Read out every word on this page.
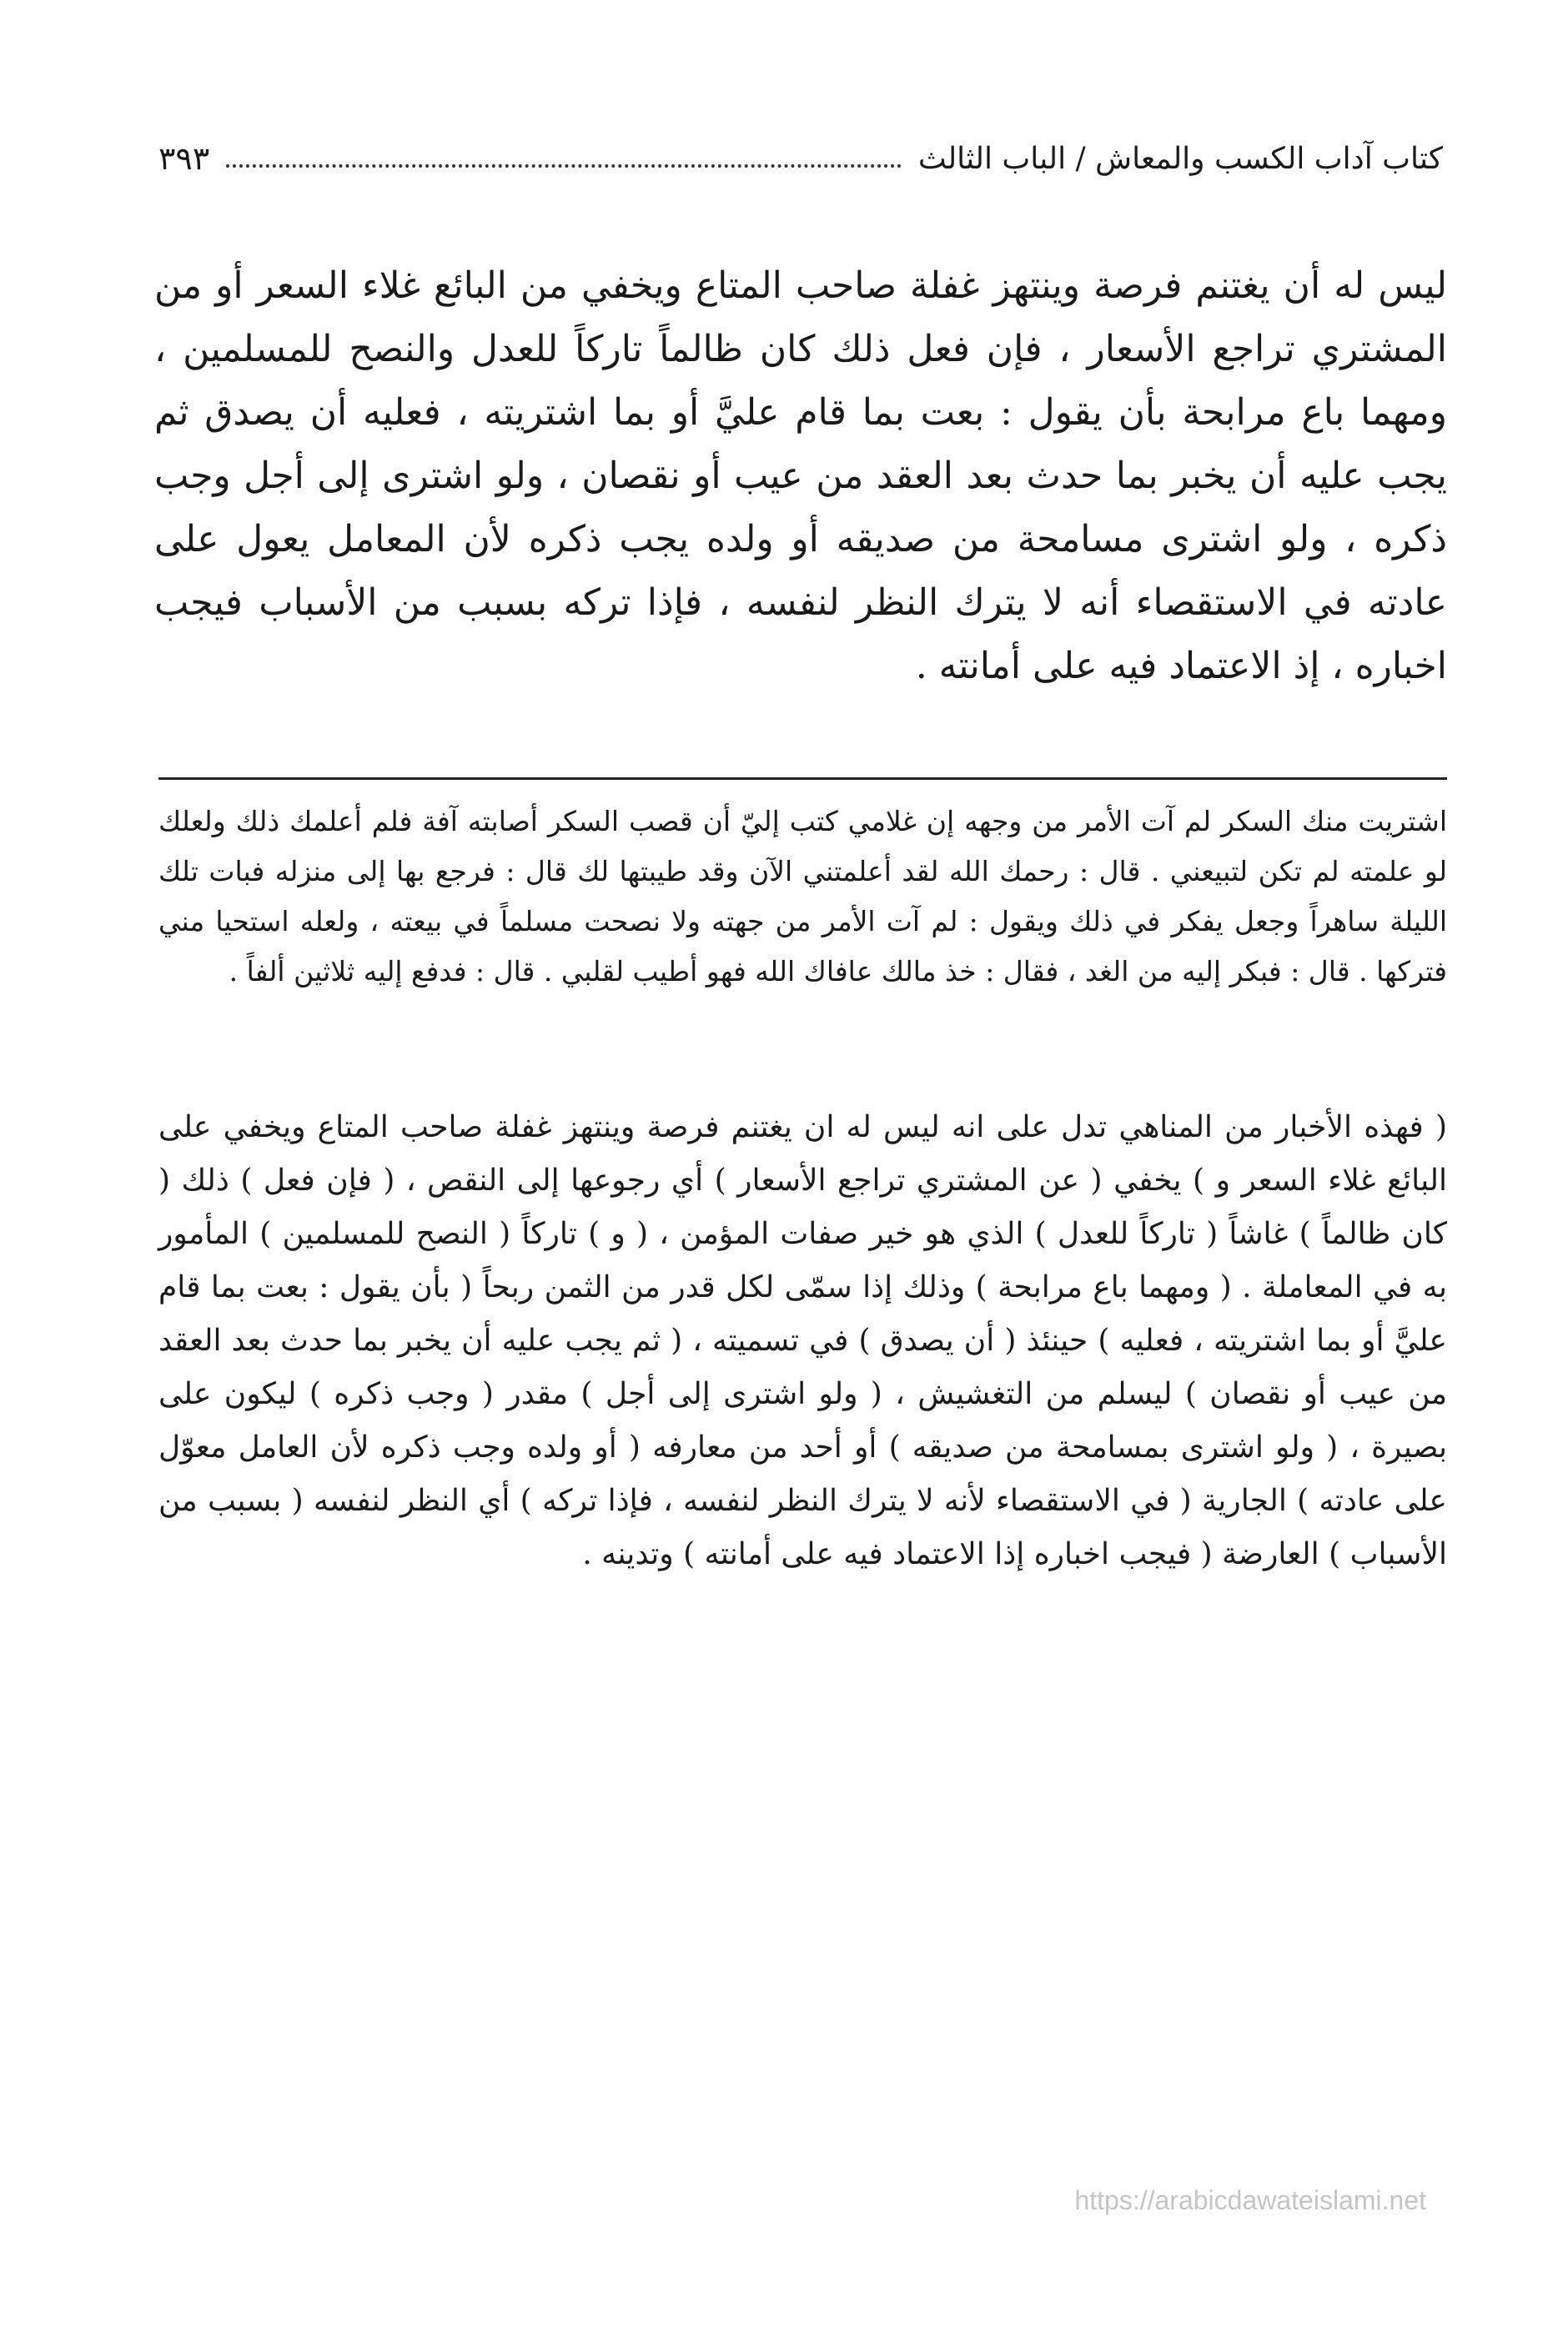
كتاب آداب الكسب والمعاش / الباب الثالث
٣٩٣

ليس له أن يغتنم فرصة وينتهز غفلة صاحب المتاع ويخفي من البائع غلاء السعر أو من المشتري تراجع الأسعار ، فإن فعل ذلك كان ظالماً تاركاً للعدل والنصح للمسلمين ، ومهما باع مرابحة بأن يقول : بعت بما قام عليَّ أو بما اشتريته ، فعليه أن يصدق ثم يجب عليه أن يخبر بما حدث بعد العقد من عيب أو نقصان ، ولو اشترى إلى أجل وجب ذكره ، ولو اشترى مسامحة من صديقه أو ولده يجب ذكره لأن المعامل يعول على عادته في الاستقصاء أنه لا يترك النظر لنفسه ، فإذا تركه بسبب من الأسباب فيجب اخباره ، إذ الاعتماد فيه على أمانته .

اشتريت منك السكر لم آت الأمر من وجهه إن غلامي كتب إليّ أن قصب السكر أصابته آفة فلم أعلمك ذلك ولعلك لو علمته لم تكن لتبيعني . قال : رحمك الله لقد أعلمتني الآن وقد طيبتها لك قال : فرجع بها إلى منزله فبات تلك الليلة ساهراً وجعل يفكر في ذلك ويقول : لم آت الأمر من جهته ولا نصحت مسلماً في بيعته ، ولعله استحيا مني فتركها . قال : فبكر إليه من الغد ، فقال : خذ مالك عافاك الله فهو أطيب لقلبي . قال : فدفع إليه ثلاثين ألفاً .

( فهذه الأخبار من المناهي تدل على انه ليس له ان يغتنم فرصة وينتهز غفلة صاحب المتاع ويخفي على البائع غلاء السعر و ) يخفي ( عن المشتري تراجع الأسعار ) أي رجوعها إلى النقص ، ( فإن فعل ) ذلك ( كان ظالماً ) غاشاً ( تاركاً للعدل ) الذي هو خير صفات المؤمن ، ( و ) تاركاً ( النصح للمسلمين ) المأمور به في المعاملة . ( ومهما باع مرابحة ) وذلك إذا سمّى لكل قدر من الثمن ربحاً ( بأن يقول : بعت بما قام عليَّ أو بما اشتريته ، فعليه ) حينئذ ( أن يصدق ) في تسميته ، ( ثم يجب عليه أن يخبر بما حدث بعد العقد من عيب أو نقصان ) ليسلم من التغشيش ، ( ولو اشترى إلى أجل ) مقدر ( وجب ذكره ) ليكون على بصيرة ، ( ولو اشترى بمسامحة من صديقه ) أو أحد من معارفه ( أو ولده وجب ذكره لأن العامل معوّل على عادته ) الجارية ( في الاستقصاء لأنه لا يترك النظر لنفسه ، فإذا تركه ) أي النظر لنفسه ( بسبب من الأسباب ) العارضة ( فيجب اخباره إذا الاعتماد فيه على أمانته ) وتدينه .

https://arabicdawateislami.net
